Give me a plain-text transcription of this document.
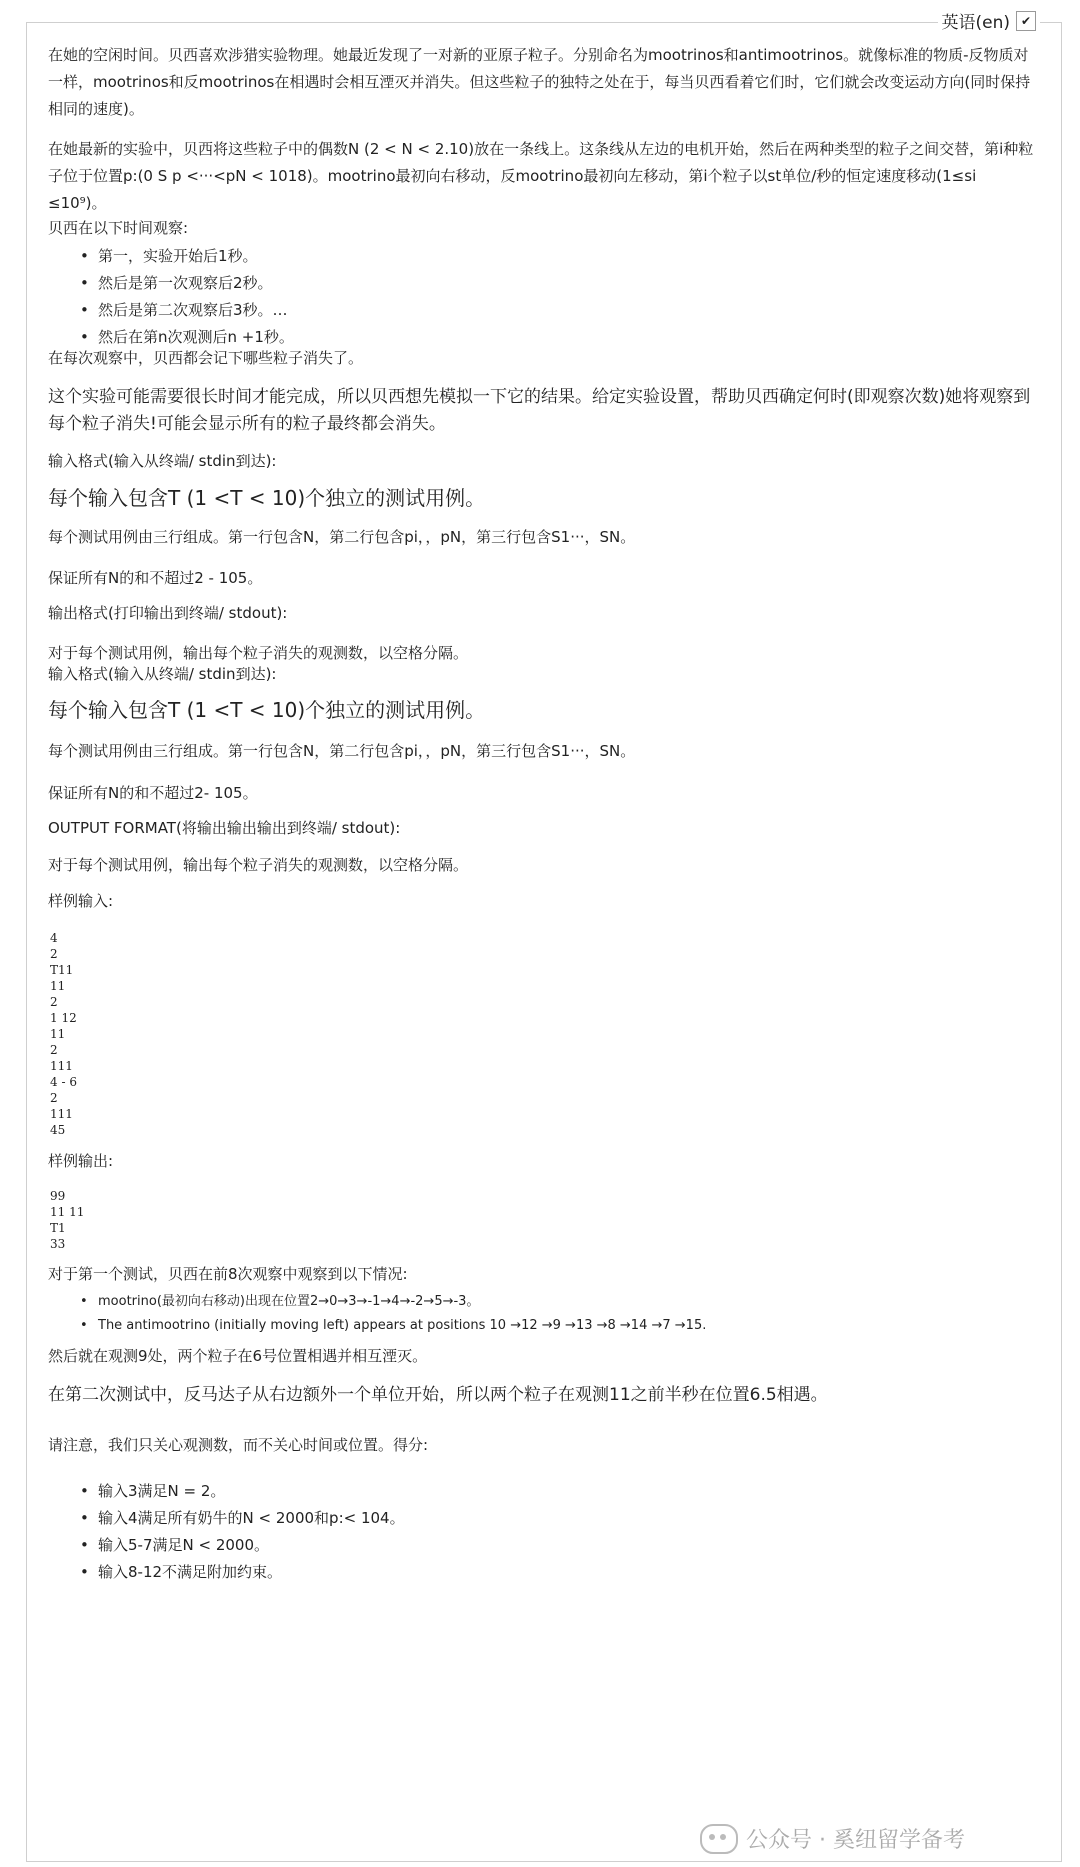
英语(en) ✔

在她的空闲时间。贝西喜欢涉猎实验物理。她最近发现了一对新的亚原子粒子。分别命名为mootrinos和antimootrinos。就像标准的物质-反物质对一样，mootrinos和反mootrinos在相遇时会相互湮灭并消失。但这些粒子的独特之处在于，每当贝西看着它们时，它们就会改变运动方向(同时保持相同的速度)。

在她最新的实验中，贝西将这些粒子中的偶数N (2 < N < 2.10)放在一条线上。这条线从左边的电机开始，然后在两种类型的粒子之间交替，第i种粒子位于位置p:(0 S p <···<pN < 1018)。mootrino最初向右移动，反mootrino最初向左移动，第i个粒子以st单位/秒的恒定速度移动(1≤si ≤10⁹)。

贝西在以下时间观察:

• 第一，实验开始后1秒。
• 然后是第一次观察后2秒。
• 然后是第二次观察后3秒。…
• 然后在第n次观测后n +1秒。

在每次观察中，贝西都会记下哪些粒子消失了。

这个实验可能需要很长时间才能完成，所以贝西想先模拟一下它的结果。给定实验设置，帮助贝西确定何时(即观察次数)她将观察到每个粒子消失!可能会显示所有的粒子最终都会消失。

输入格式(输入从终端/ stdin到达):

每个输入包含T (1 <T < 10)个独立的测试用例。

每个测试用例由三行组成。第一行包含N，第二行包含pi，，pN，第三行包含S1···，SN。

保证所有N的和不超过2 - 105。

输出格式(打印输出到终端/ stdout):

对于每个测试用例，输出每个粒子消失的观测数，以空格分隔。

输入格式(输入从终端/ stdin到达):

每个输入包含T (1 <T < 10)个独立的测试用例。

每个测试用例由三行组成。第一行包含N，第二行包含pi，，pN，第三行包含S1···，SN。

保证所有N的和不超过2- 105。

OUTPUT FORMAT(将输出输出输出到终端/ stdout):

对于每个测试用例，输出每个粒子消失的观测数，以空格分隔。

样例输入:

4
2
T11
11
2
1 12
11
2
111
4 - 6
2
111
45

样例输出:

99
11 11
T1
33

对于第一个测试，贝西在前8次观察中观察到以下情况:

• mootrino(最初向右移动)出现在位置2→0→3→-1→4→-2→5→-3。
• The antimootrino (initially moving left) appears at positions 10 →12 →9 →13 →8 →14 →7 →15.

然后就在观测9处，两个粒子在6号位置相遇并相互湮灭。

在第二次测试中，反马达子从右边额外一个单位开始，所以两个粒子在观测11之前半秒在位置6.5相遇。

请注意，我们只关心观测数，而不关心时间或位置。得分:

• 输入3满足N = 2。
• 输入4满足所有奶牛的N < 2000和p:< 104。
• 输入5-7满足N < 2000。
• 输入8-12不满足附加约束。
公众号 · 奚纽留学备考
